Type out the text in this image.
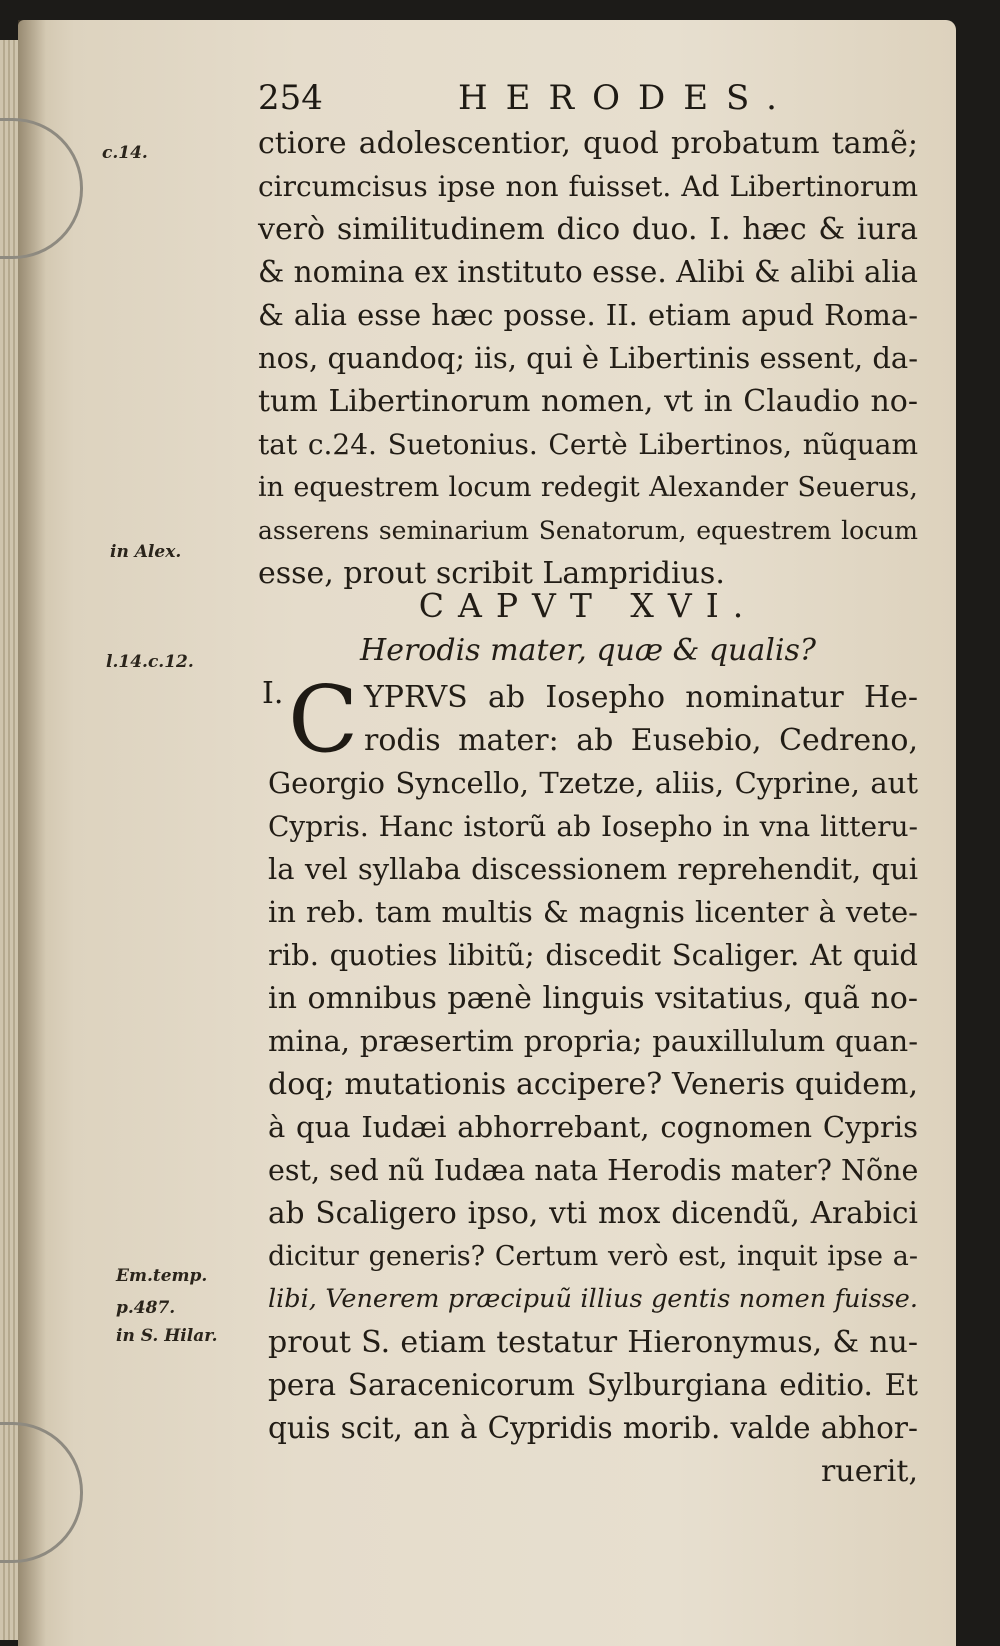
254	HERODES.
c.14.
in Alex.
l.14.c.12.
Em.temp.
p.487.
in S. Hilar.
ctiore adolescentior, quod probatum tamẽ;
circumcisus ipse non fuisset. Ad Libertinorum
verò similitudinem dico duo. I. hæc & iura
& nomina ex instituto esse. Alibi & alibi alia
& alia esse hæc posse. II. etiam apud Roma-
nos, quandoq; iis, qui è Libertinis essent, da-
tum Libertinorum nomen, vt in Claudio no-
tat c.24. Suetonius. Certè Libertinos, nũquam
in equestrem locum redegit Alexander Seuerus,
asserens seminarium Senatorum, equestrem locum
esse, prout scribit Lampridius.
CAPVT XVI.
Herodis mater, quæ & qualis?
I. C YPRVS ab Iosepho nominatur He-
rodis mater: ab Eusebio, Cedreno,
Georgio Syncello, Tzetze, aliis, Cyprine, aut
Cypris. Hanc istorũ ab Iosepho in vna litteru-
la vel syllaba discessionem reprehendit, qui
in reb. tam multis & magnis licenter à vete-
rib. quoties libitũ; discedit Scaliger. At quid
in omnibus pænè linguis vsitatius, quã no-
mina, præsertim propria; pauxillulum quan-
doq; mutationis accipere? Veneris quidem,
à qua Iudæi abhorrebant, cognomen Cypris
est, sed nũ Iudæa nata Herodis mater? Nõne
ab Scaligero ipso, vti mox dicendũ, Arabici
dicitur generis? Certum verò est, inquit ipse a-
libi, Venerem præcipuũ illius gentis nomen fuisse.
prout S. etiam testatur Hieronymus, & nu-
pera Saracenicorum Sylburgiana editio. Et
quis scit, an à Cypridis morib. valde abhor-
ruerit,
